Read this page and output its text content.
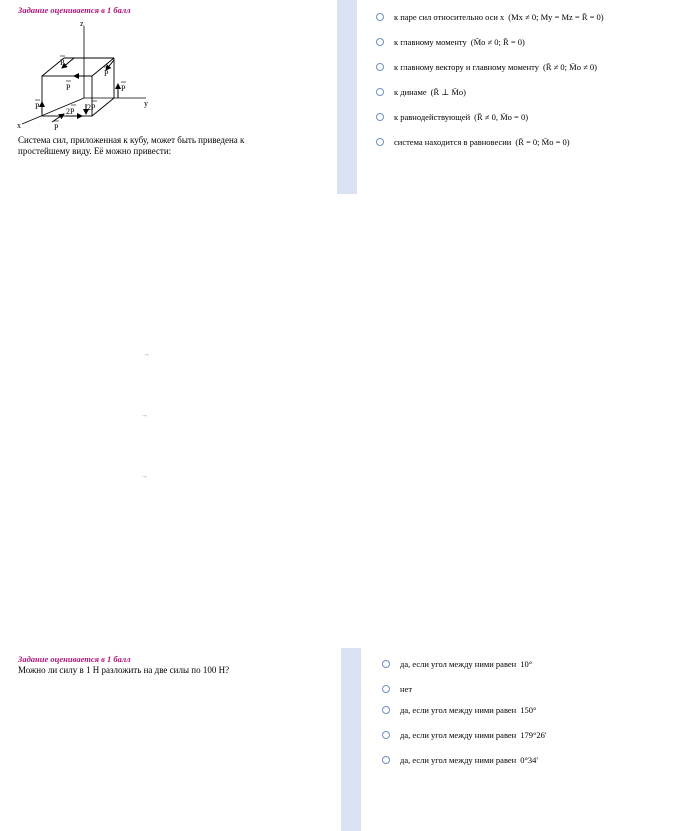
Задание оценивается в 1 балл
z
y
x
P
P
P	P
P
2P 2P
P
Система сил, приложенная к кубу, может быть приведена к
простейшему виду. Её можно привести:
к паре сил относительно оси x (Mx ≠ 0; My = Mz = R̄ = 0)
к главному моменту (M̄o ≠ 0; R̄ = 0)
к главному вектору и главному моменту (R̄ ≠ 0; M̄o ≠ 0)
к динаме (R̄ ⊥ M̄o)
к равнодействующей (R̄ ≠ 0, M̄o = 0)
система находится в равновесии (R̄ = 0; M̄o = 0)
→
→
→
Задание оценивается в 1 балл
Можно ли силу в 1 Н разложить на две силы по 100 Н?
да, если угол между ними равен 10°
нет
да, если угол между ними равен 150°
да, если угол между ними равен 179°26′
да, если угол между ними равен 0°34′
